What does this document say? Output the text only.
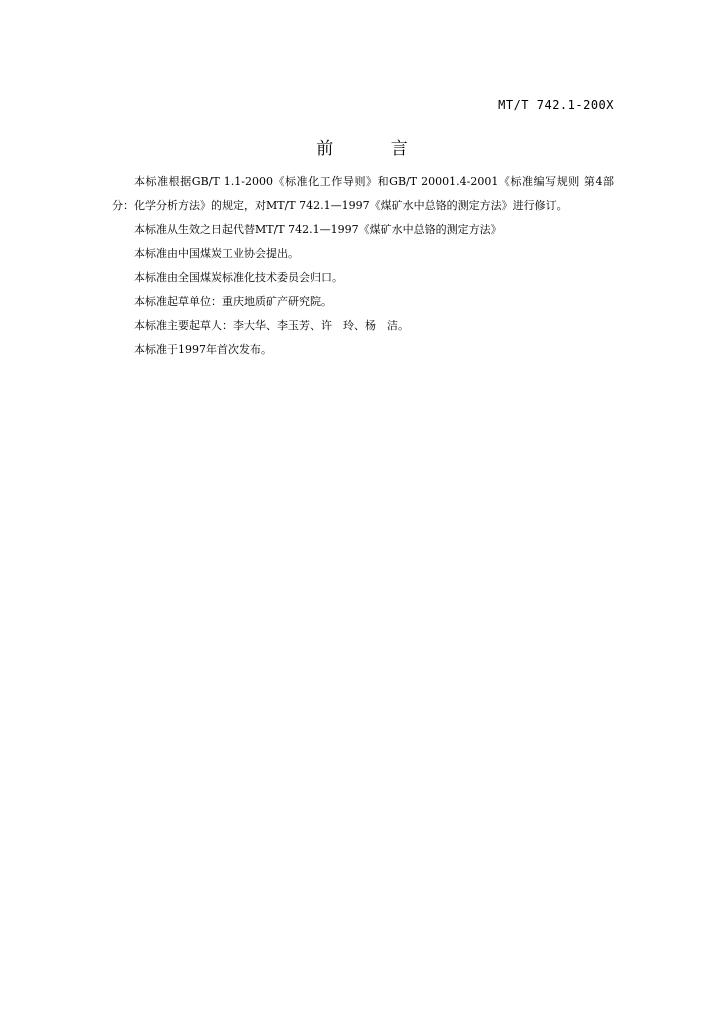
MT/T 742.1-200X
前 言

本标准根据GB/T 1.1-2000《标准化工作导则》和GB/T 20001.4-2001《标准编写规则 第4部分：化学分析方法》的规定，对MT/T 742.1—1997《煤矿水中总铬的测定方法》进行修订。

本标准从生效之日起代替MT/T 742.1—1997《煤矿水中总铬的测定方法》

本标准由中国煤炭工业协会提出。

本标准由全国煤炭标准化技术委员会归口。

本标准起草单位：重庆地质矿产研究院。

本标准主要起草人：李大华、李玉芳、许　玲、杨　洁。

本标准于1997年首次发布。
